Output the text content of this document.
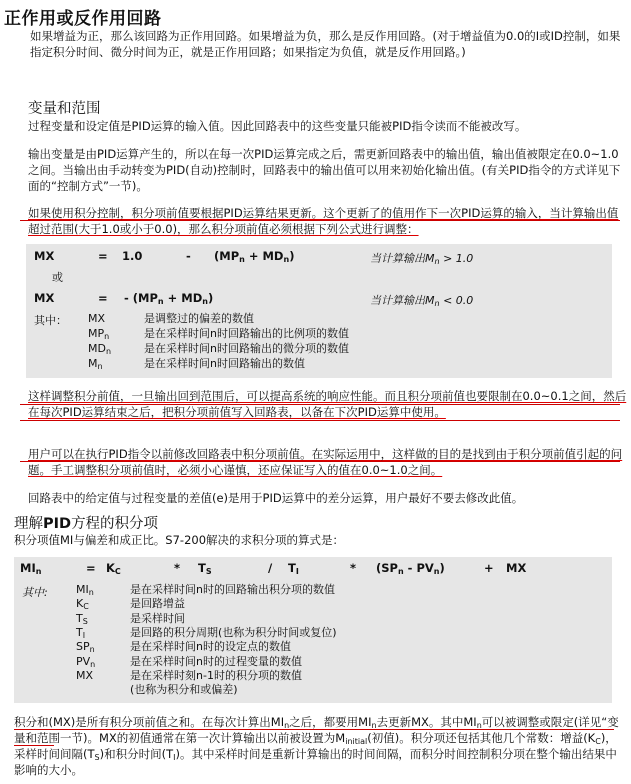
正作用或反作用回路

如果增益为正，那么该回路为正作用回路。如果增益为负，那么是反作用回路。(对于增益值为0.0的I或ID控制，如果指定积分时间、微分时间为正，就是正作用回路；如果指定为负值，就是反作用回路。)

变量和范围

过程变量和设定值是PID运算的输入值。因此回路表中的这些变量只能被PID指令读而不能被改写。

输出变量是由PID运算产生的，所以在每一次PID运算完成之后，需更新回路表中的输出值，输出值被限定在0.0~1.0之间。当输出由手动转变为PID(自动)控制时，回路表中的输出值可以用来初始化输出值。(有关PID指令的方式详见下面的“控制方式”一节)。

如果使用积分控制，积分项前值要根据PID运算结果更新。这个更新了的值用作下一次PID运算的输入，当计算输出值超过范围(大于1.0或小于0.0)，那么积分项前值必须根据下列公式进行调整：

MX	= 1.0	- $(MP_n + MD_n)$	当计算输出$M_n > 1.0$
或
MX	= - $(MP_n + MD_n)$	当计算输出$M_n < 0.0$
其中： MX	是调整过的偏差的数值
$MP_n$	是在采样时间n时回路输出的比例项的数值
$MD_n$	是在采样时间n时回路输出的微分项的数值
$M_n$	是在采样时间n时回路输出的数值

这样调整积分前值，一旦输出回到范围后，可以提高系统的响应性能。而且积分项前值也要限制在0.0~0.1之间，然后在每次PID运算结束之后，把积分项前值写入回路表，以备在下次PID运算中使用。

用户可以在执行PID指令以前修改回路表中积分项前值。在实际运用中，这样做的目的是找到由于积分项前值引起的问题。手工调整积分项前值时，必须小心谨慎，还应保证写入的值在0.0~1.0之间。

回路表中的给定值与过程变量的差值(e)是用于PID运算中的差分运算，用户最好不要去修改此值。

理解PID方程的积分项

积分项值MI与偏差和成正比。S7-200解决的求积分项的算式是：

$MI_n$	= $K_C$	* $T_S$	/ $T_I$	* $(SP_n - PV_n)$	+ MX
其中:	$MI_n$	是在采样时间n时的回路输出积分项的数值
$K_C$	是回路增益
$T_S$	是采样时间
$T_I$	是回路的积分周期(也称为积分时间或复位)
$SP_n$	是在采样时间n时的设定点的数值
$PV_n$	是在采样时间n时的过程变量的数值
MX	是在采样时刻n-1时的积分项的数值
(也称为积分和或偏差)

积分和(MX)是所有积分项前值之和。在每次计算出$MI_n$之后，都要用$MI_n$去更新MX。其中$MI_n$可以被调整或限定(详见“变量和范围一节)。MX的初值通常在第一次计算输出以前被设置为$M_{initial}$(初值)。积分项还包括其他几个常数：增益$(K_C)$，采样时间间隔$(T_S)$和积分时间$(T_I)$。其中采样时间是重新计算输出的时间间隔，而积分时间控制积分项在整个输出结果中影响的大小。
